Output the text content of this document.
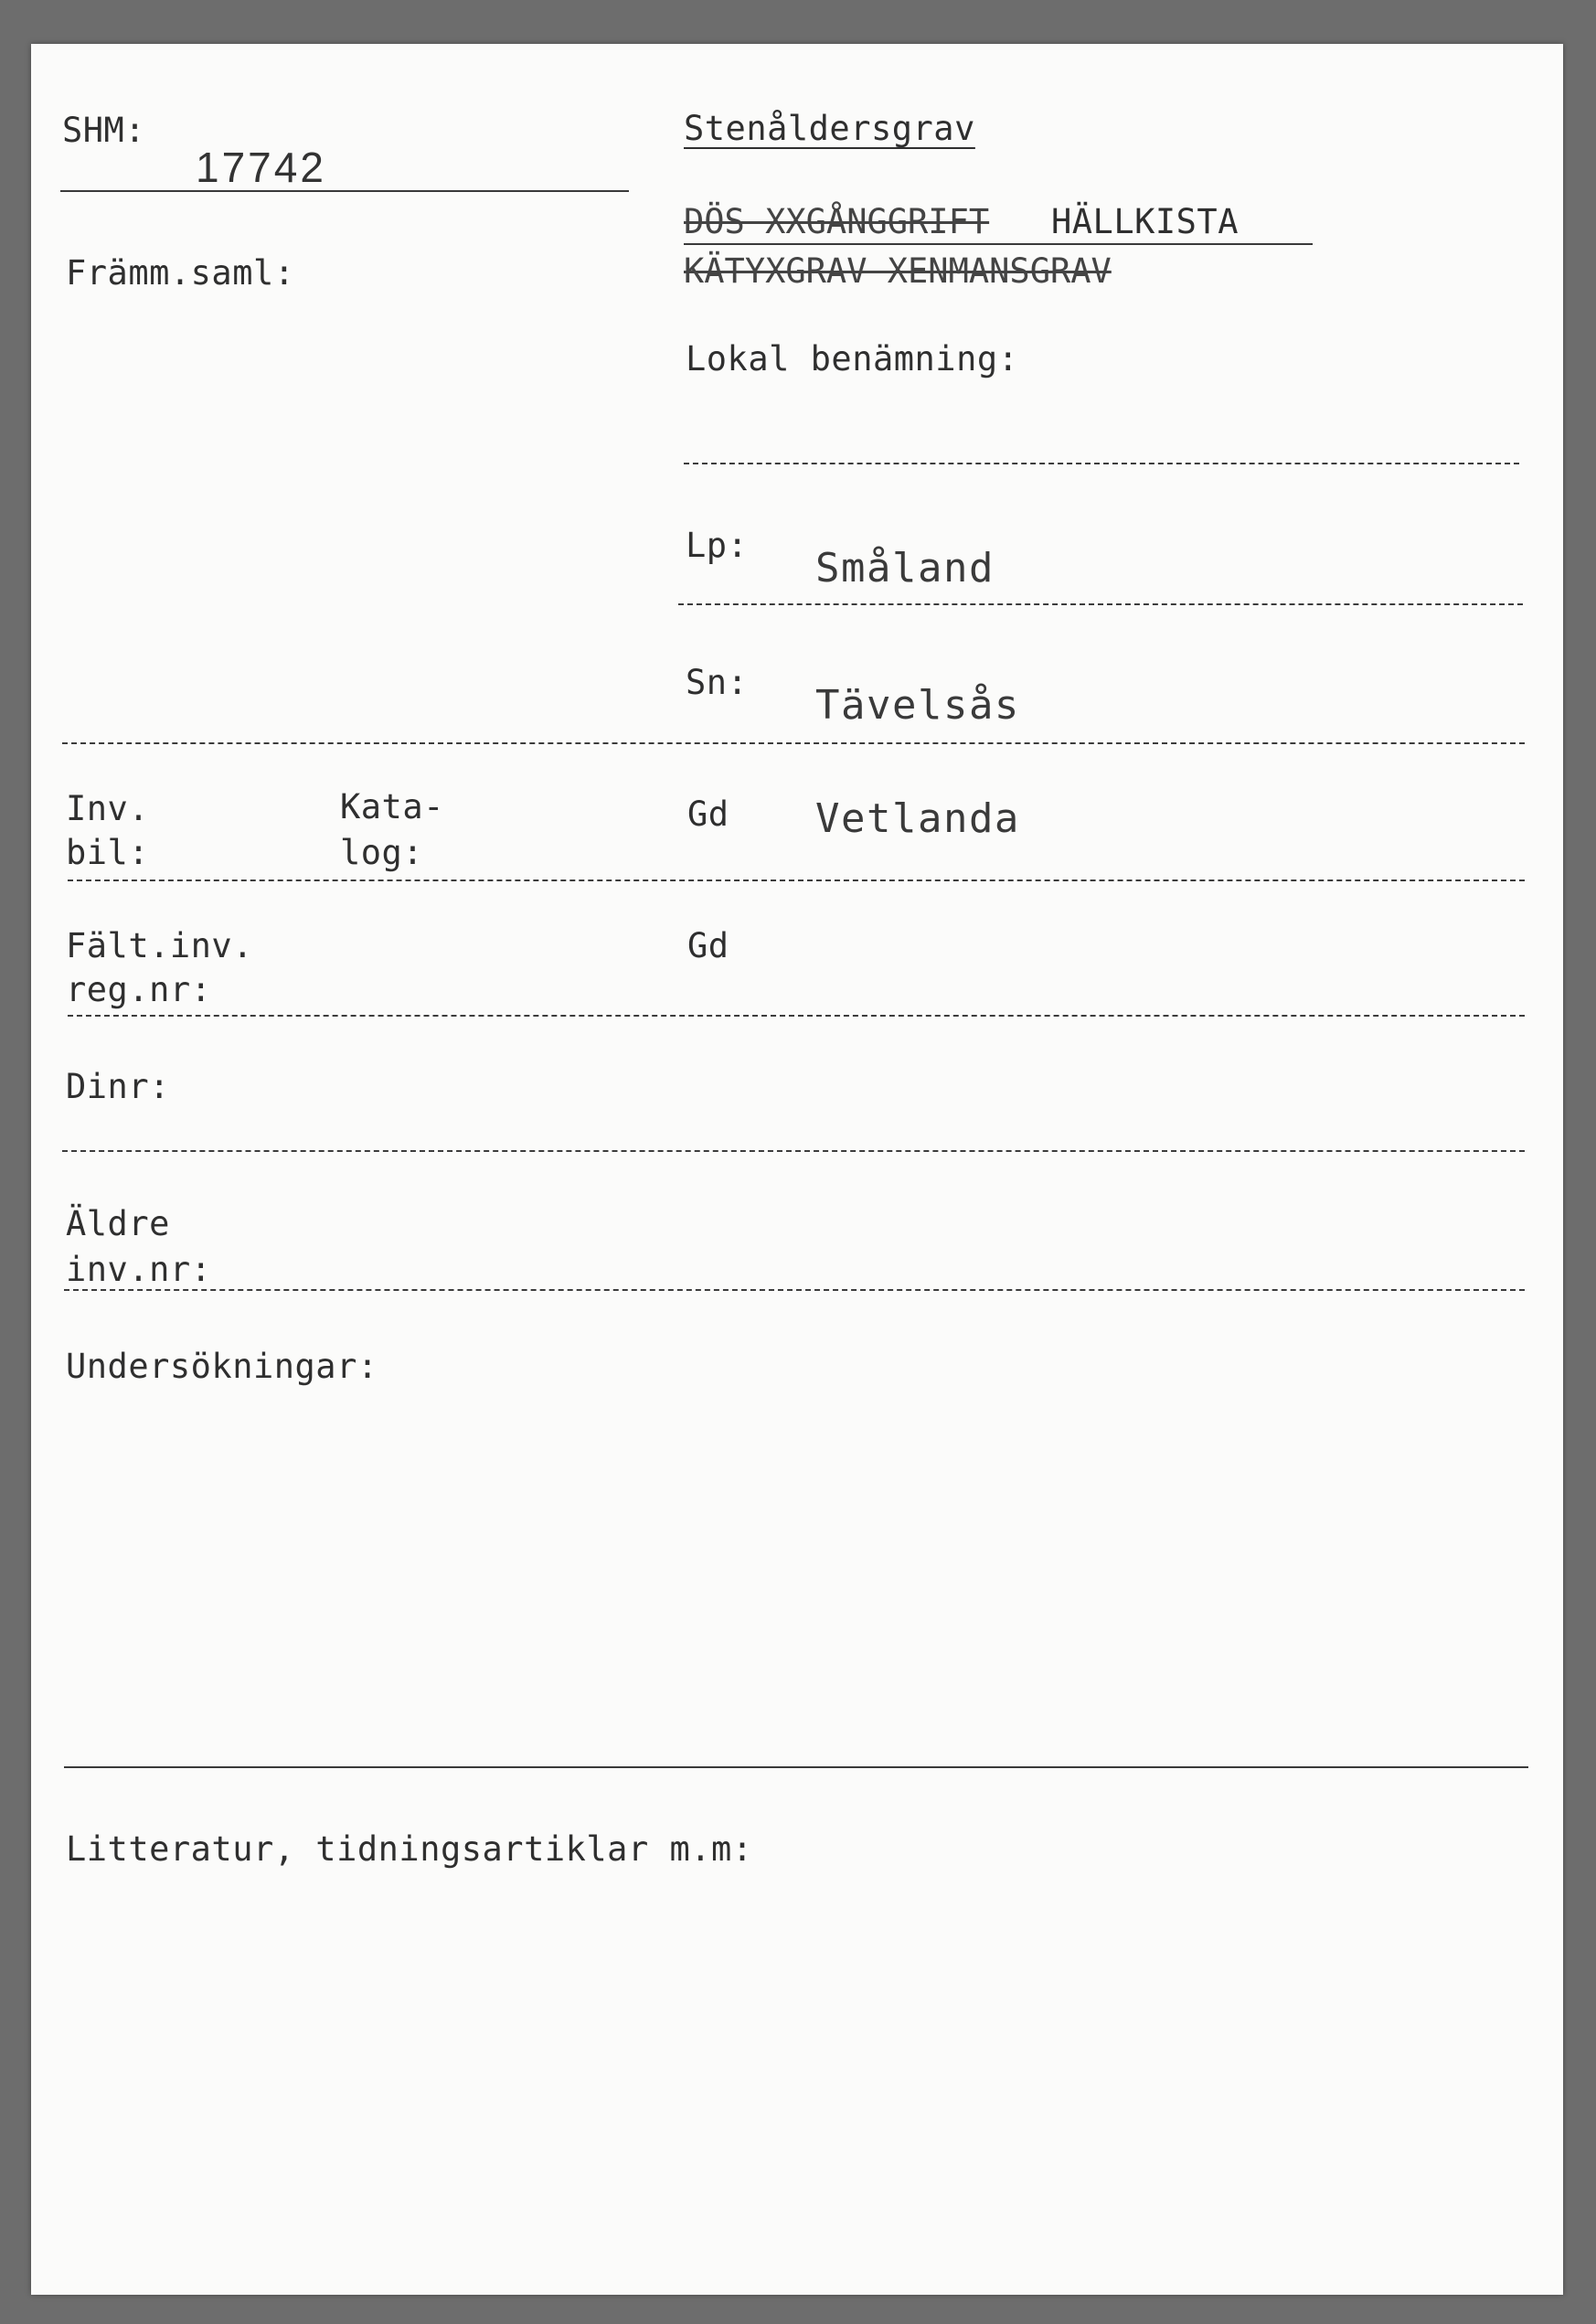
SHM:
17742
Främm.saml:
Stenåldersgrav
DÖS XXGÅNGGRIFT HÄLLKISTA
KÄTYXGRAV XENMANSGRAV
Lokal benämning:
Lp: Småland
Sn: Tävelsås
Inv.
bil:
Kata-
log:
Gd Vetlanda
Fält.inv.
reg.nr:
Gd
Dinr:
Äldre
inv.nr:
Undersökningar:
Litteratur, tidningsartiklar m.m:
